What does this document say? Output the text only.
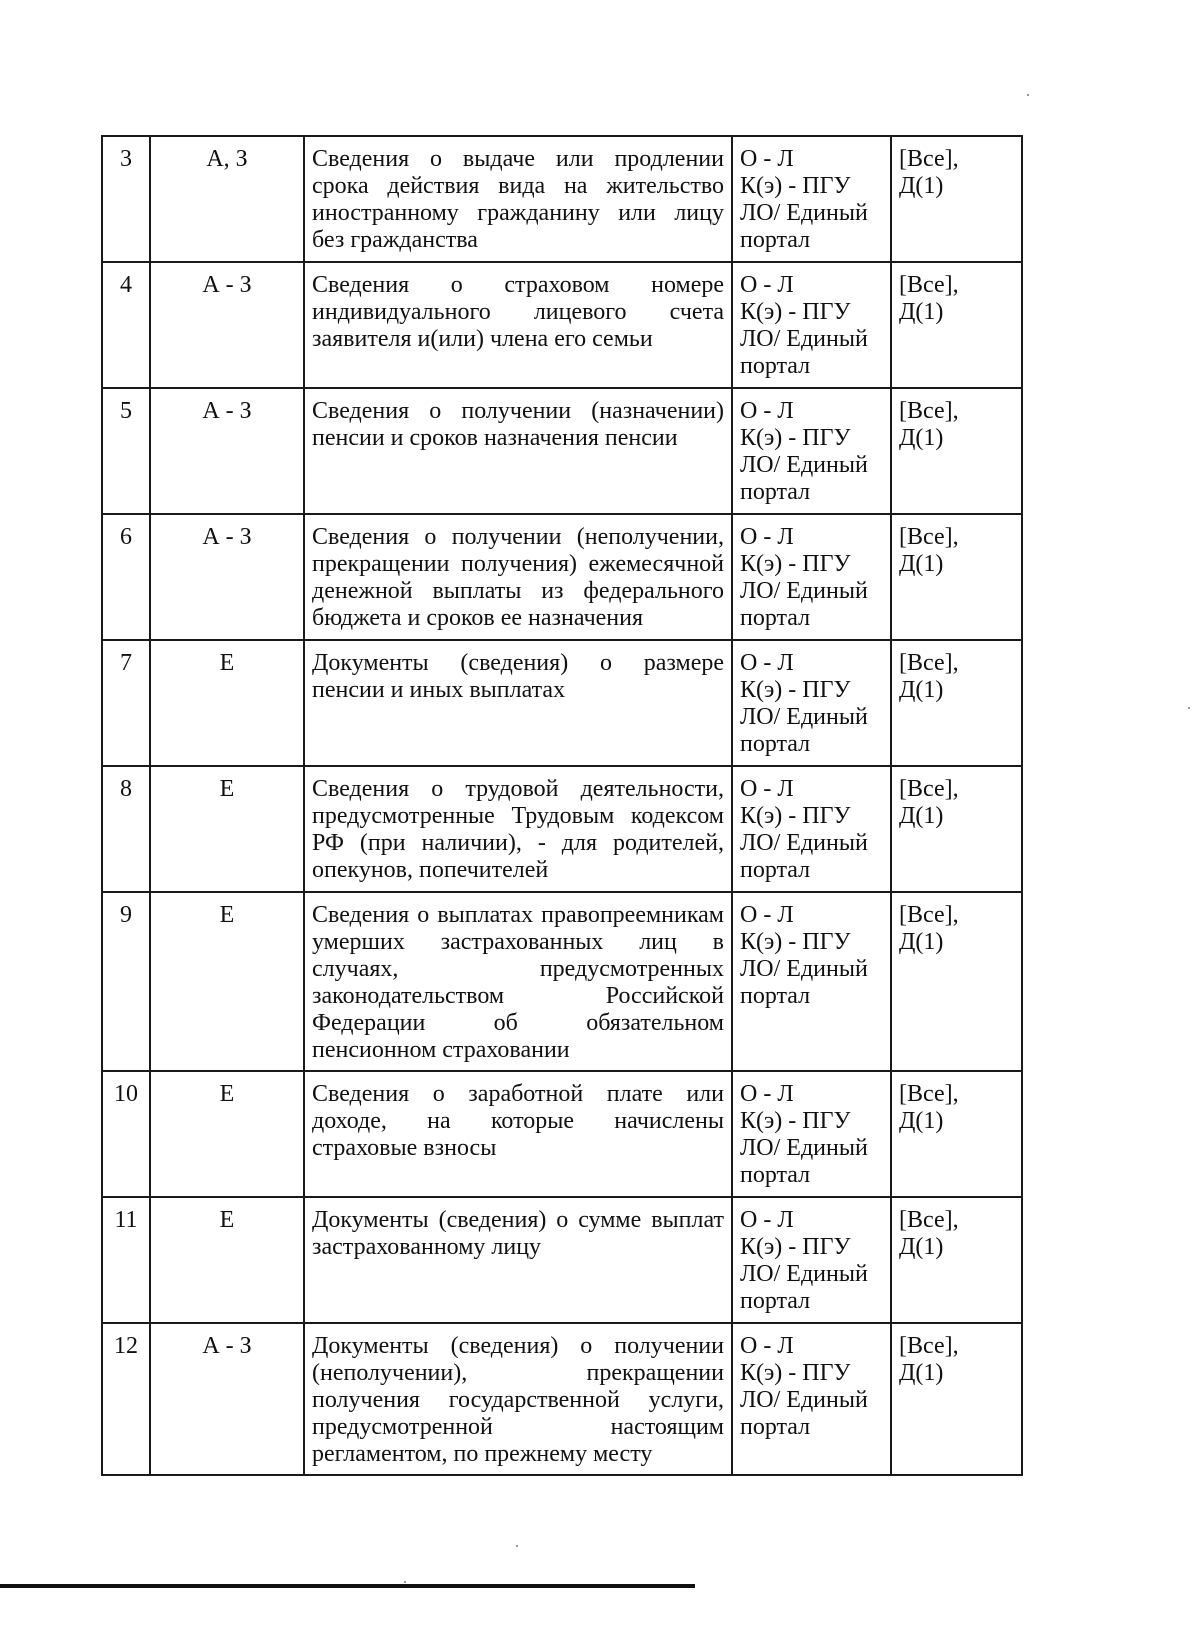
3	А, З	Сведения о выдаче или продлении срока действия вида на жительство иностранному гражданину или лицу без гражданства	О - Л
К(э) - ПГУ
ЛО/ Единый
портал	[Все],
Д(1)

4	А - З	Сведения о страховом номере индивидуального лицевого счета заявителя и(или) члена его семьи	О - Л
К(э) - ПГУ
ЛО/ Единый
портал	[Все],
Д(1)

5	А - З	Сведения о получении (назначении) пенсии и сроков назначения пенсии	О - Л
К(э) - ПГУ
ЛО/ Единый
портал	[Все],
Д(1)

6	А - З	Сведения о получении (неполучении, прекращении получения) ежемесячной денежной выплаты из федерального бюджета и сроков ее назначения	О - Л
К(э) - ПГУ
ЛО/ Единый
портал	[Все],
Д(1)

7	Е	Документы (сведения) о размере пенсии и иных выплатах	О - Л
К(э) - ПГУ
ЛО/ Единый
портал	[Все],
Д(1)

8	Е	Сведения о трудовой деятельности, предусмотренные Трудовым кодексом РФ (при наличии), - для родителей, опекунов, попечителей	О - Л
К(э) - ПГУ
ЛО/ Единый
портал	[Все],
Д(1)

9	Е	Сведения о выплатах правопреемникам умерших застрахованных лиц в случаях, предусмотренных законодательством Российской Федерации об обязательном пенсионном страховании	О - Л
К(э) - ПГУ
ЛО/ Единый
портал	[Все],
Д(1)

10	Е	Сведения о заработной плате или доходе, на которые начислены страховые взносы	О - Л
К(э) - ПГУ
ЛО/ Единый
портал	[Все],
Д(1)

11	Е	Документы (сведения) о сумме выплат застрахованному лицу	О - Л
К(э) - ПГУ
ЛО/ Единый
портал	[Все],
Д(1)

12	А - З	Документы (сведения) о получении (неполучении), прекращении получения государственной услуги, предусмотренной настоящим регламентом, по прежнему месту	О - Л
К(э) - ПГУ
ЛО/ Единый
портал	[Все],
Д(1)
